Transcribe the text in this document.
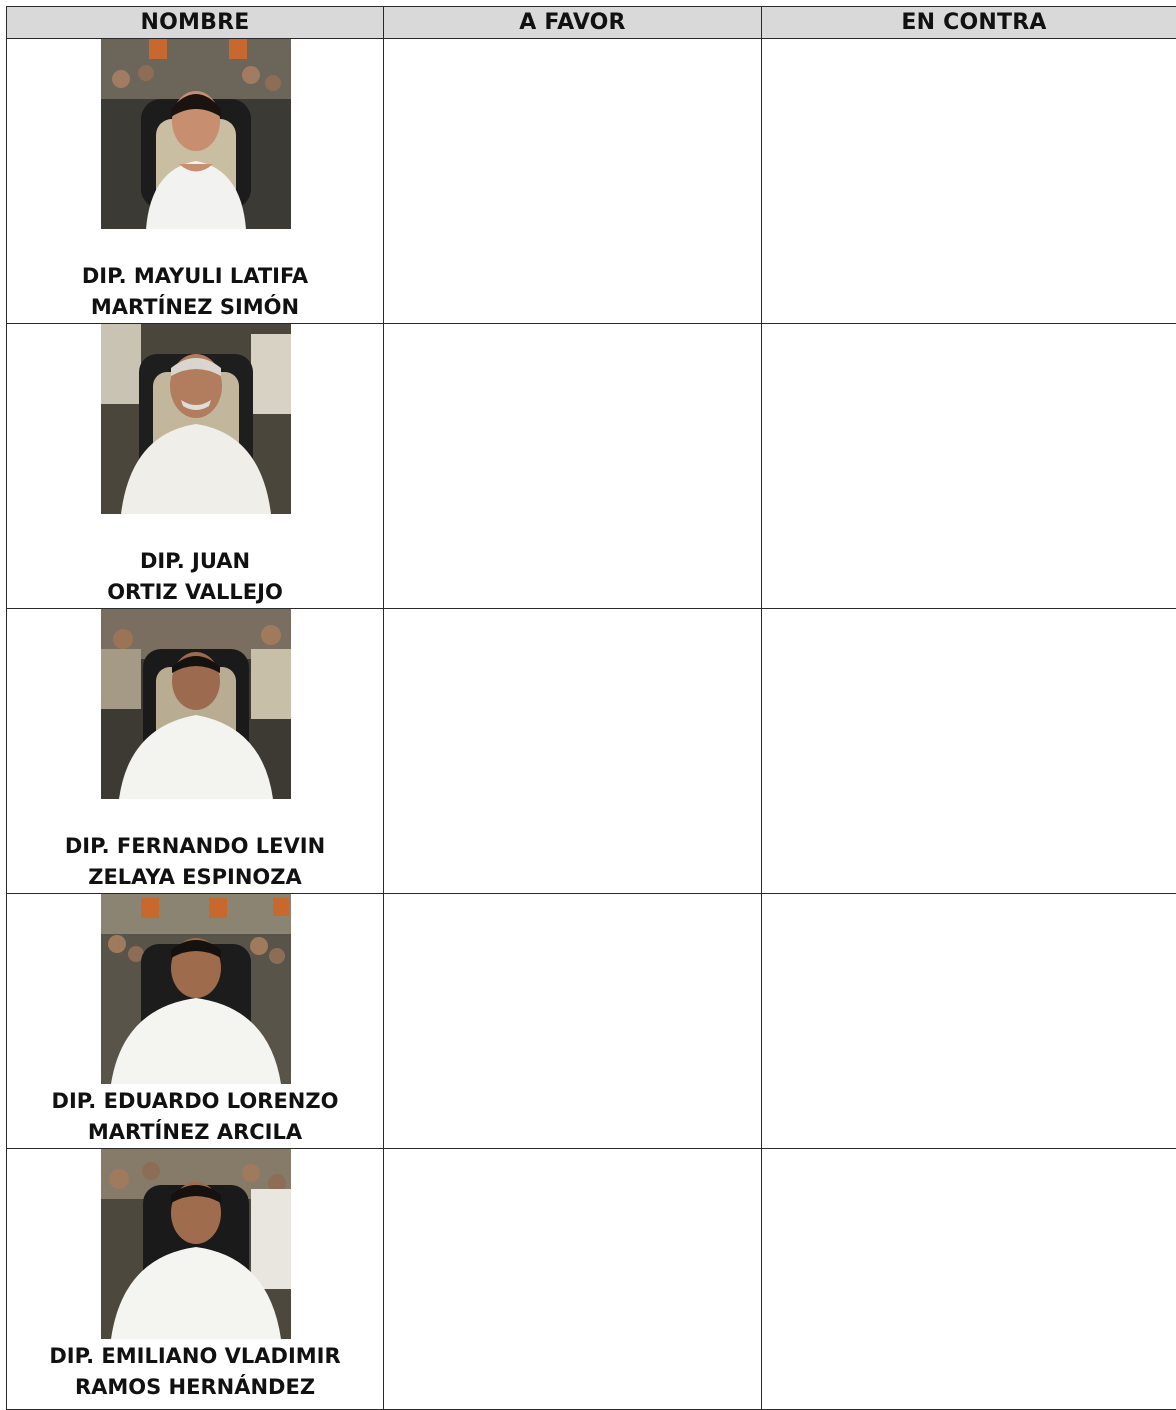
NOMBRE	A FAVOR	EN CONTRA

DIP. MAYULI LATIFA
MARTÍNEZ SIMÓN		

DIP. JUAN
ORTIZ VALLEJO		

DIP. FERNANDO LEVIN
ZELAYA ESPINOZA		

DIP. EDUARDO LORENZO
MARTÍNEZ ARCILA		

DIP. EMILIANO VLADIMIR
RAMOS HERNÁNDEZ		
